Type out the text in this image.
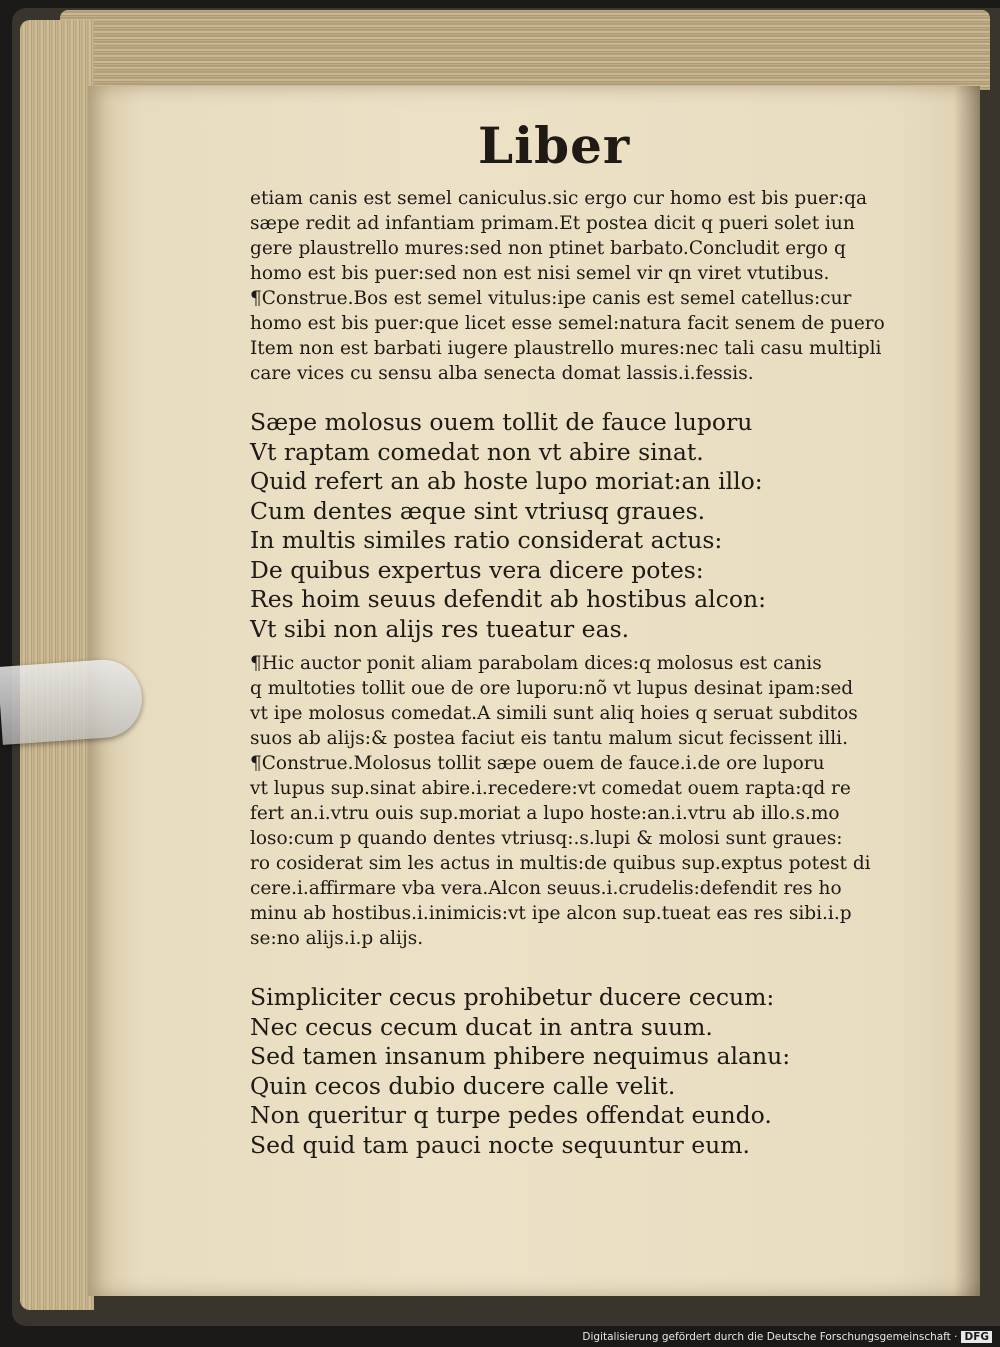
Liber
etiam canis est semel caniculus.sic ergo cur homo est bis puer:qa
sæpe redit ad infantiam primam.Et postea dicit q pueri solet iun
gere plaustrello mures:sed non ptinet barbato.Concludit ergo q
homo est bis puer:sed non est nisi semel vir qn viret vtutibus.
¶Construe.Bos est semel vitulus:ipe canis est semel catellus:cur
homo est bis puer:que licet esse semel:natura facit senem de puero
Item non est barbati iugere plaustrello mures:nec tali casu multipli
care vices cu sensu alba senecta domat lassis.i.fessis.
Sæpe molosus ouem tollit de fauce luporu
Vt raptam comedat non vt abire sinat.
Quid refert an ab hoste lupo moriat:an illo:
Cum dentes æque sint vtriusq graues.
In multis similes ratio considerat actus:
De quibus expertus vera dicere potes:
Res hoim seuus defendit ab hostibus alcon:
Vt sibi non alijs res tueatur eas.
¶Hic auctor ponit aliam parabolam dices:q molosus est canis
q multoties tollit oue de ore luporu:nõ vt lupus desinat ipam:sed
vt ipe molosus comedat.A simili sunt aliq hoies q seruat subditos
suos ab alijs:& postea faciut eis tantu malum sicut fecissent illi.
¶Construe.Molosus tollit sæpe ouem de fauce.i.de ore luporu
vt lupus sup.sinat abire.i.recedere:vt comedat ouem rapta:qd re
fert an.i.vtru ouis sup.moriat a lupo hoste:an.i.vtru ab illo.s.mo
loso:cum p quando dentes vtriusq:.s.lupi & molosi sunt graues:
ro cosiderat sim les actus in multis:de quibus sup.exptus potest di
cere.i.affirmare vba vera.Alcon seuus.i.crudelis:defendit res ho
minu ab hostibus.i.inimicis:vt ipe alcon sup.tueat eas res sibi.i.p
se:no alijs.i.p alijs.
Simpliciter cecus prohibetur ducere cecum:
Nec cecus cecum ducat in antra suum.
Sed tamen insanum phibere nequimus alanu:
Quin cecos dubio ducere calle velit.
Non queritur q turpe pedes offendat eundo.
Sed quid tam pauci nocte sequuntur eum.
Digitalisierung gefördert durch die Deutsche Forschungsgemeinschaft · DFG
